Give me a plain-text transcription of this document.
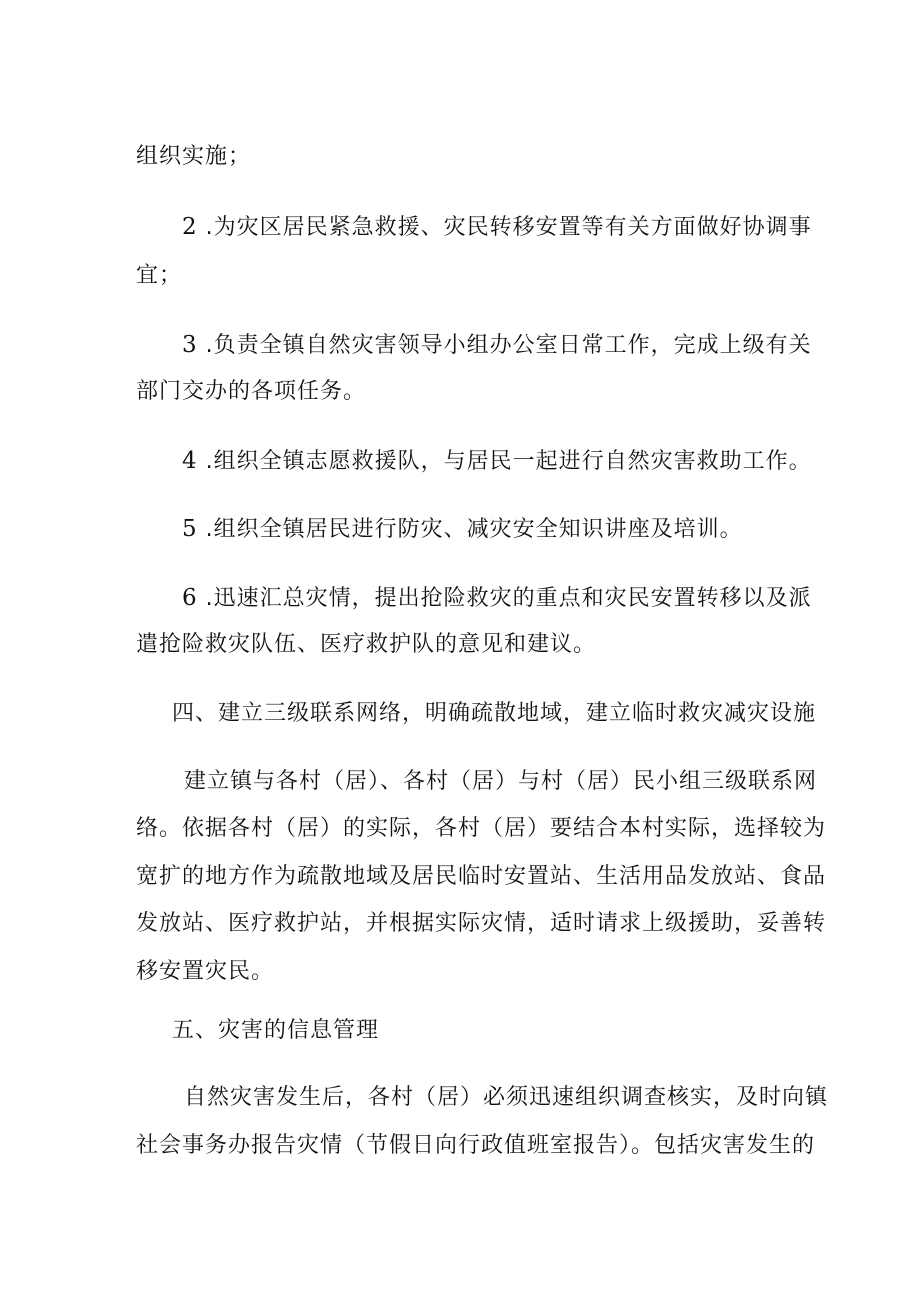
组织实施；
2 .为灾区居民紧急救援、灾民转移安置等有关方面做好协调事
宜；
3 .负责全镇自然灾害领导小组办公室日常工作，完成上级有关
部门交办的各项任务。
4 .组织全镇志愿救援队，与居民一起进行自然灾害救助工作。
5 .组织全镇居民进行防灾、减灾安全知识讲座及培训。
6 .迅速汇总灾情，提出抢险救灾的重点和灾民安置转移以及派
遣抢险救灾队伍、医疗救护队的意见和建议。
四、建立三级联系网络，明确疏散地域，建立临时救灾减灾设施
建立镇与各村（居）、各村（居）与村（居）民小组三级联系网
络。依据各村（居）的实际，各村（居）要结合本村实际，选择较为
宽扩的地方作为疏散地域及居民临时安置站、生活用品发放站、食品
发放站、医疗救护站，并根据实际灾情，适时请求上级援助，妥善转
移安置灾民。
五、灾害的信息管理
自然灾害发生后，各村（居）必须迅速组织调查核实，及时向镇
社会事务办报告灾情（节假日向行政值班室报告）。包括灾害发生的
